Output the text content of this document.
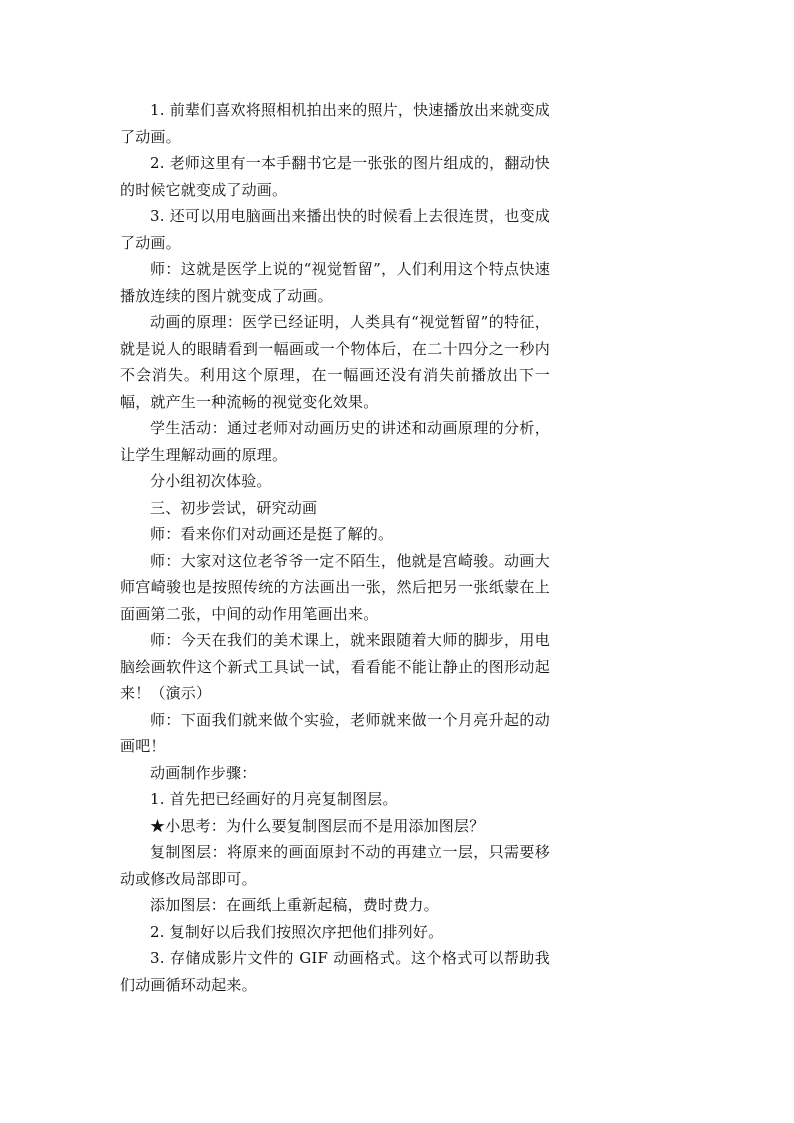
1. 前辈们喜欢将照相机拍出来的照片，快速播放出来就变成了动画。

2. 老师这里有一本手翻书它是一张张的图片组成的，翻动快的时候它就变成了动画。

3. 还可以用电脑画出来播出快的时候看上去很连贯，也变成了动画。

师：这就是医学上说的“视觉暂留”，人们利用这个特点快速播放连续的图片就变成了动画。

动画的原理：医学已经证明，人类具有“视觉暂留”的特征，就是说人的眼睛看到一幅画或一个物体后，在二十四分之一秒内不会消失。利用这个原理，在一幅画还没有消失前播放出下一幅，就产生一种流畅的视觉变化效果。

学生活动：通过老师对动画历史的讲述和动画原理的分析，让学生理解动画的原理。

分小组初次体验。

三、初步尝试，研究动画

师：看来你们对动画还是挺了解的。

师：大家对这位老爷爷一定不陌生，他就是宫崎骏。动画大师宫崎骏也是按照传统的方法画出一张，然后把另一张纸蒙在上面画第二张，中间的动作用笔画出来。

师：今天在我们的美术课上，就来跟随着大师的脚步，用电脑绘画软件这个新式工具试一试，看看能不能让静止的图形动起来！（演示）

师：下面我们就来做个实验，老师就来做一个月亮升起的动画吧！

动画制作步骤：

1. 首先把已经画好的月亮复制图层。

★小思考：为什么要复制图层而不是用添加图层？

复制图层：将原来的画面原封不动的再建立一层，只需要移动或修改局部即可。

添加图层：在画纸上重新起稿，费时费力。

2. 复制好以后我们按照次序把他们排列好。

3. 存储成影片文件的 GIF 动画格式。这个格式可以帮助我们动画循环动起来。
